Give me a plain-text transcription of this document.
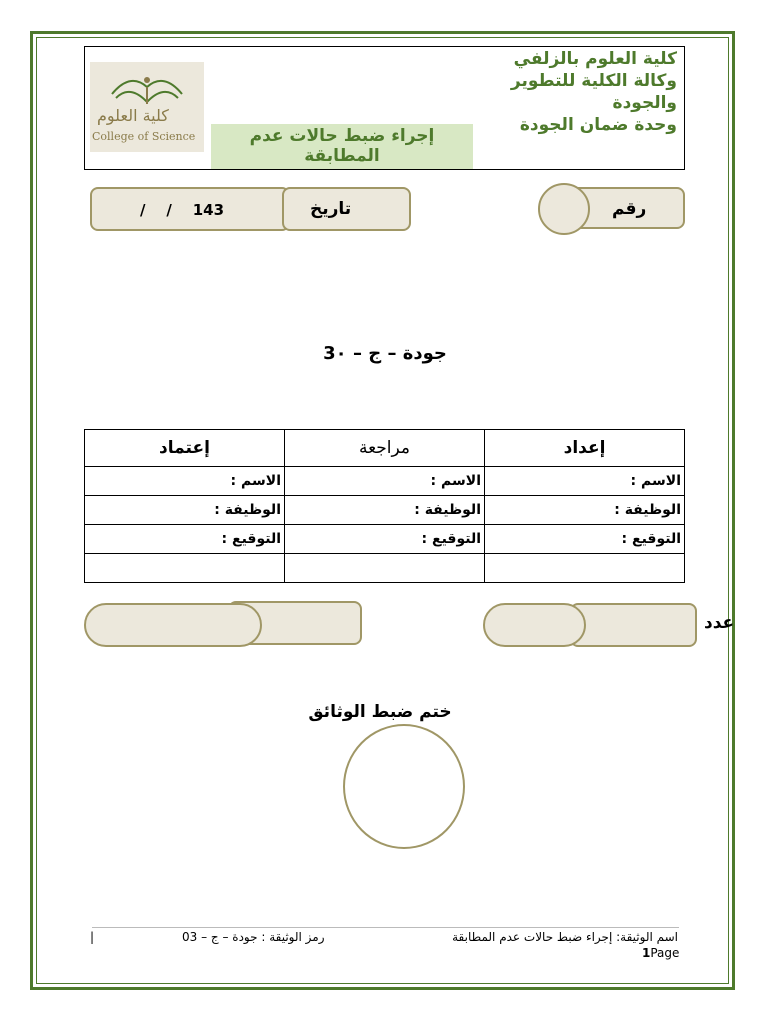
كلية العلوم
College of Science	إجراء ضبط حالات عدم المطابقة
كلية العلوم بالزلفي
وكالة الكلية للتطوير
والجودة
وحدة ضمان الجودة
تاريخ
/    /    143	رقم
جودة – ج – 3٠
إعداد	مراجعة	إعتماد
الاسم :	الاسم :	الاسم :
الوظيفة :	الوظيفة :	الوظيفة :
التوقيع :	التوقيع :	التوقيع :

عدد
ختم ضبط الوثائق
اسم الوثيقة: إجراء ضبط حالات عدم المطابقة
رمز الوثيقة : جودة – ج – 03
|
1Page
